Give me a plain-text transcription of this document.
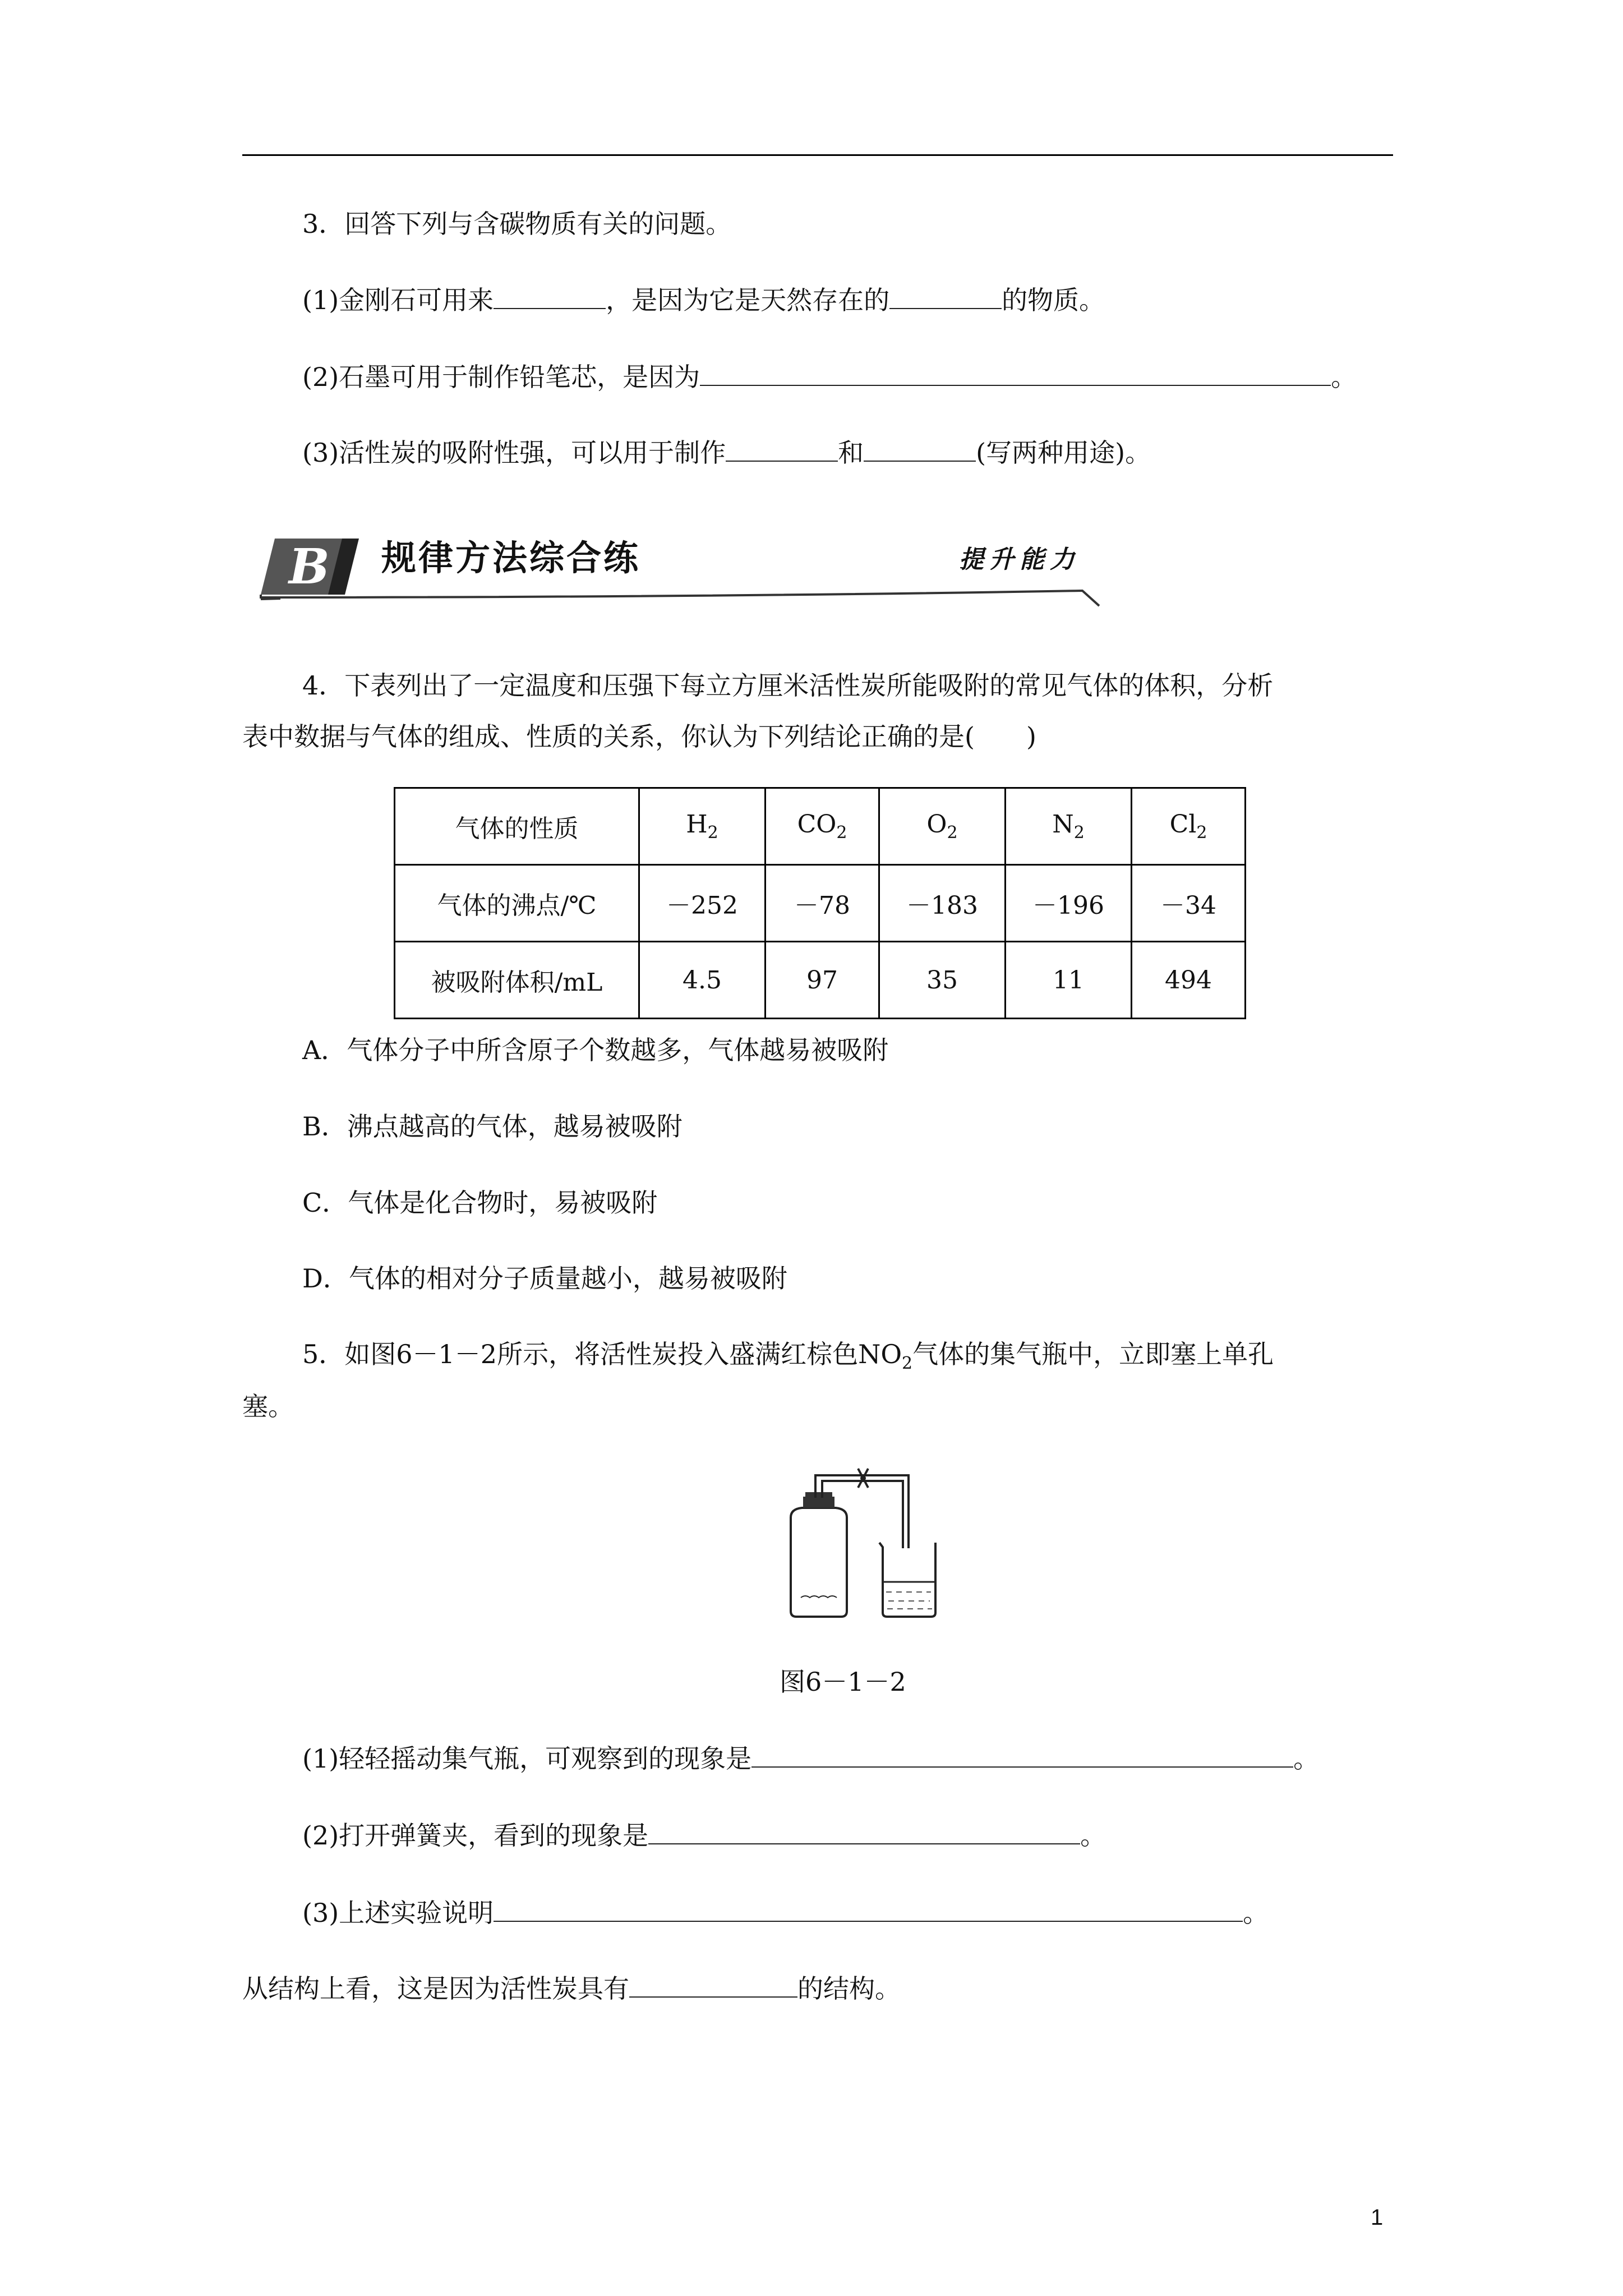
3．回答下列与含碳物质有关的问题。
(1)金刚石可用来	，是因为它是天然存在的	的物质。
(2)石墨可用于制作铅笔芯，是因为	。
(3)活性炭的吸附性强，可以用于制作	和	(写两种用途)。
B 规律方法综合练	提升能力
4．下表列出了一定温度和压强下每立方厘米活性炭所能吸附的常见气体的体积，分析
表中数据与气体的组成、性质的关系，你认为下列结论正确的是(　　)
气体的性质	$H_2$	$CO_2$	$O_2$	$N_2$	$Cl_2$
气体的沸点/℃	－252	－78	－183	－196	－34
被吸附体积/mL	4.5	97	35	11	494
A．气体分子中所含原子个数越多，气体越易被吸附
B．沸点越高的气体，越易被吸附
C．气体是化合物时，易被吸附
D．气体的相对分子质量越小，越易被吸附
5．如图6－1－2所示，将活性炭投入盛满红棕色$NO_2$气体的集气瓶中，立即塞上单孔
塞。
图6－1－2
(1)轻轻摇动集气瓶，可观察到的现象是	。
(2)打开弹簧夹，看到的现象是	。
(3)上述实验说明	。
从结构上看，这是因为活性炭具有	的结构。
1
